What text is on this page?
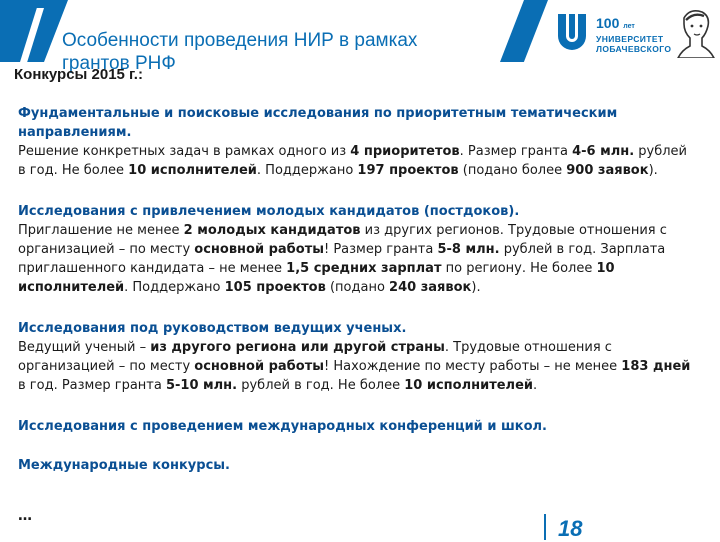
Особенности проведения НИР в рамках грантов РНФ

Конкурсы 2015 г.:

100 лет
УНИВЕРСИТЕТ
ЛОБАЧЕВСКОГО

Фундаментальные и поисковые исследования по приоритетным тематическим направлениям.
Решение конкретных задач в рамках одного из 4 приоритетов. Размер гранта 4-6 млн. рублей в год. Не более 10 исполнителей. Поддержано 197 проектов (подано более 900 заявок).

Исследования с привлечением молодых кандидатов (постдоков).
Приглашение не менее 2 молодых кандидатов из других регионов. Трудовые отношения с организацией – по месту основной работы! Размер гранта 5-8 млн. рублей в год. Зарплата приглашенного кандидата – не менее 1,5 средних зарплат по региону. Не более 10 исполнителей. Поддержано 105 проектов (подано 240 заявок).

Исследования под руководством ведущих ученых.
Ведущий ученый – из другого региона или другой страны. Трудовые отношения с организацией – по месту основной работы! Нахождение по месту работы – не менее 183 дней в год. Размер гранта 5-10 млн. рублей в год. Не более 10 исполнителей.

Исследования с проведением международных конференций и школ.

Международные конкурсы.

…	18
